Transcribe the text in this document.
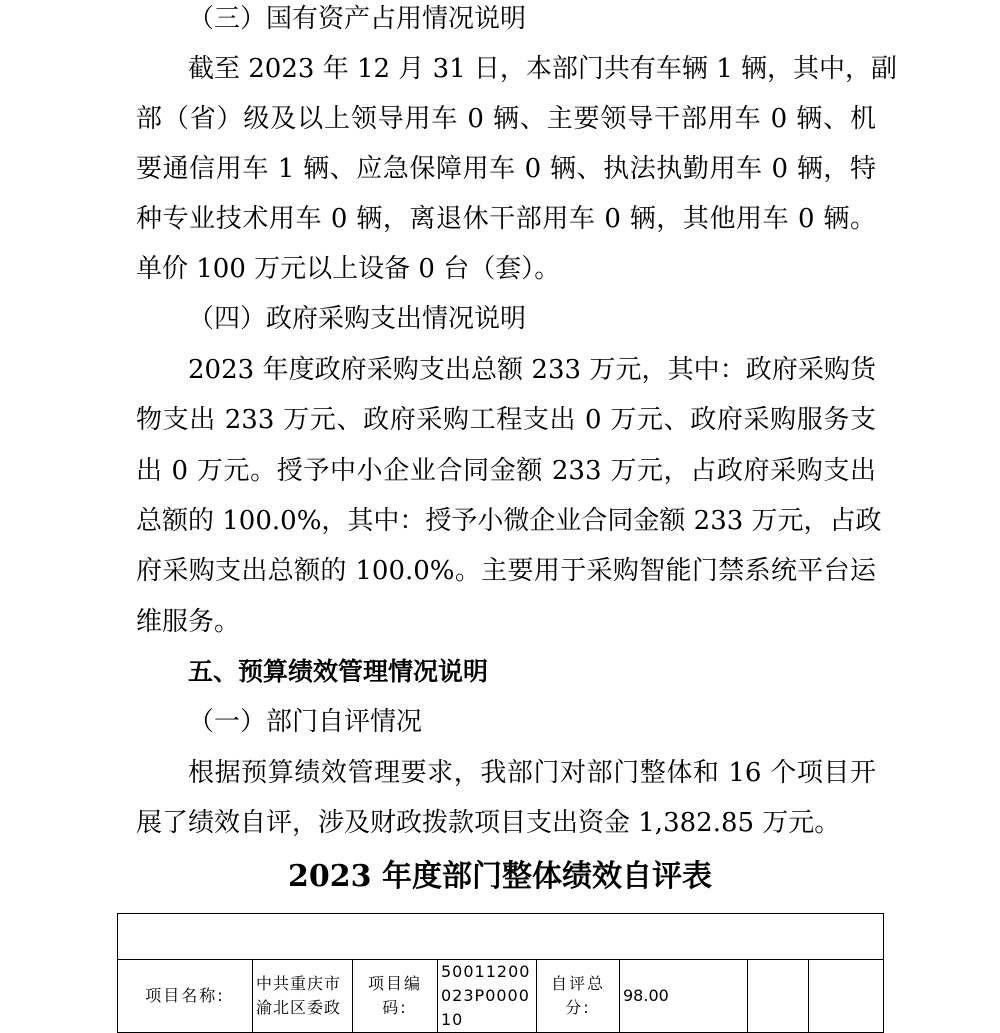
（三）国有资产占用情况说明
截至 2023 年 12 月 31 日，本部门共有车辆 1 辆，其中，副
部（省）级及以上领导用车 0 辆、主要领导干部用车 0 辆、机
要通信用车 1 辆、应急保障用车 0 辆、执法执勤用车 0 辆，特
种专业技术用车 0 辆，离退休干部用车 0 辆，其他用车 0 辆。
单价 100 万元以上设备 0 台（套）。
（四）政府采购支出情况说明
2023 年度政府采购支出总额 233 万元，其中：政府采购货
物支出 233 万元、政府采购工程支出 0 万元、政府采购服务支
出 0 万元。授予中小企业合同金额 233 万元，占政府采购支出
总额的 100.0%，其中：授予小微企业合同金额 233 万元，占政
府采购支出总额的 100.0%。主要用于采购智能门禁系统平台运
维服务。
五、预算绩效管理情况说明
（一）部门自评情况
根据预算绩效管理要求，我部门对部门整体和 16 个项目开
展了绩效自评，涉及财政拨款项目支出资金 1,382.85 万元。
2023 年度部门整体绩效自评表

项目名称:	中共重庆市渝北区委政	项目编码:	50011200023P000010	自评总分:	98.00		
